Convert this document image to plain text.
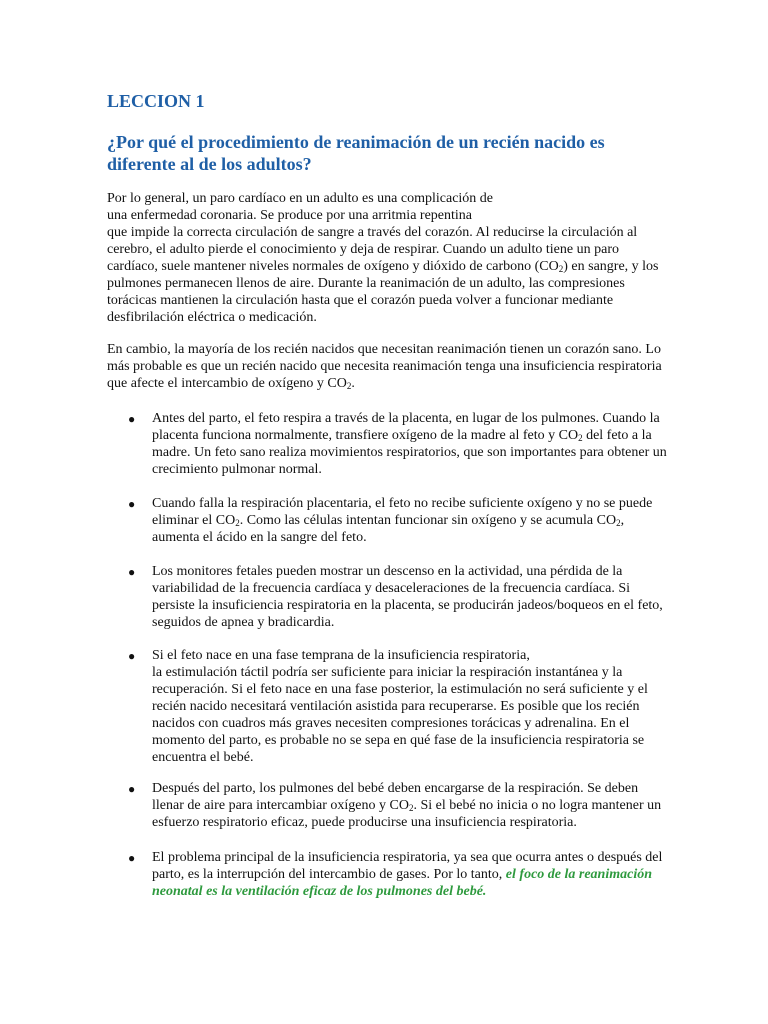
LECCION 1
¿Por qué el procedimiento de reanimación de un recién nacido es
diferente al de los adultos?

Por lo general, un paro cardíaco en un adulto es una complicación de
una enfermedad coronaria. Se produce por una arritmia repentina
que impide la correcta circulación de sangre a través del corazón. Al reducirse la circulación al
cerebro, el adulto pierde el conocimiento y deja de respirar. Cuando un adulto tiene un paro
cardíaco, suele mantener niveles normales de oxígeno y dióxido de carbono $(CO_2)$ en sangre, y los
pulmones permanecen llenos de aire. Durante la reanimación de un adulto, las compresiones
torácicas mantienen la circulación hasta que el corazón pueda volver a funcionar mediante
desfibrilación eléctrica o medicación.

En cambio, la mayoría de los recién nacidos que necesitan reanimación tienen un corazón sano. Lo
más probable es que un recién nacido que necesita reanimación tenga una insuficiencia respiratoria
que afecte el intercambio de oxígeno y $CO_2$.

● Antes del parto, el feto respira a través de la placenta, en lugar de los pulmones. Cuando la
placenta funciona normalmente, transfiere oxígeno de la madre al feto y $CO_2$ del feto a la
madre. Un feto sano realiza movimientos respiratorios, que son importantes para obtener un
crecimiento pulmonar normal.
● Cuando falla la respiración placentaria, el feto no recibe suficiente oxígeno y no se puede
eliminar el $CO_2$. Como las células intentan funcionar sin oxígeno y se acumula $CO_2$,
aumenta el ácido en la sangre del feto.
● Los monitores fetales pueden mostrar un descenso en la actividad, una pérdida de la
variabilidad de la frecuencia cardíaca y desaceleraciones de la frecuencia cardíaca. Si
persiste la insuficiencia respiratoria en la placenta, se producirán jadeos/boqueos en el feto,
seguidos de apnea y bradicardia.
● Si el feto nace en una fase temprana de la insuficiencia respiratoria,
la estimulación táctil podría ser suficiente para iniciar la respiración instantánea y la
recuperación. Si el feto nace en una fase posterior, la estimulación no será suficiente y el
recién nacido necesitará ventilación asistida para recuperarse. Es posible que los recién
nacidos con cuadros más graves necesiten compresiones torácicas y adrenalina. En el
momento del parto, es probable no se sepa en qué fase de la insuficiencia respiratoria se
encuentra el bebé.
● Después del parto, los pulmones del bebé deben encargarse de la respiración. Se deben
llenar de aire para intercambiar oxígeno y $CO_2$. Si el bebé no inicia o no logra mantener un
esfuerzo respiratorio eficaz, puede producirse una insuficiencia respiratoria.
● El problema principal de la insuficiencia respiratoria, ya sea que ocurra antes o después del
parto, es la interrupción del intercambio de gases. Por lo tanto, el foco de la reanimación
neonatal es la ventilación eficaz de los pulmones del bebé.
